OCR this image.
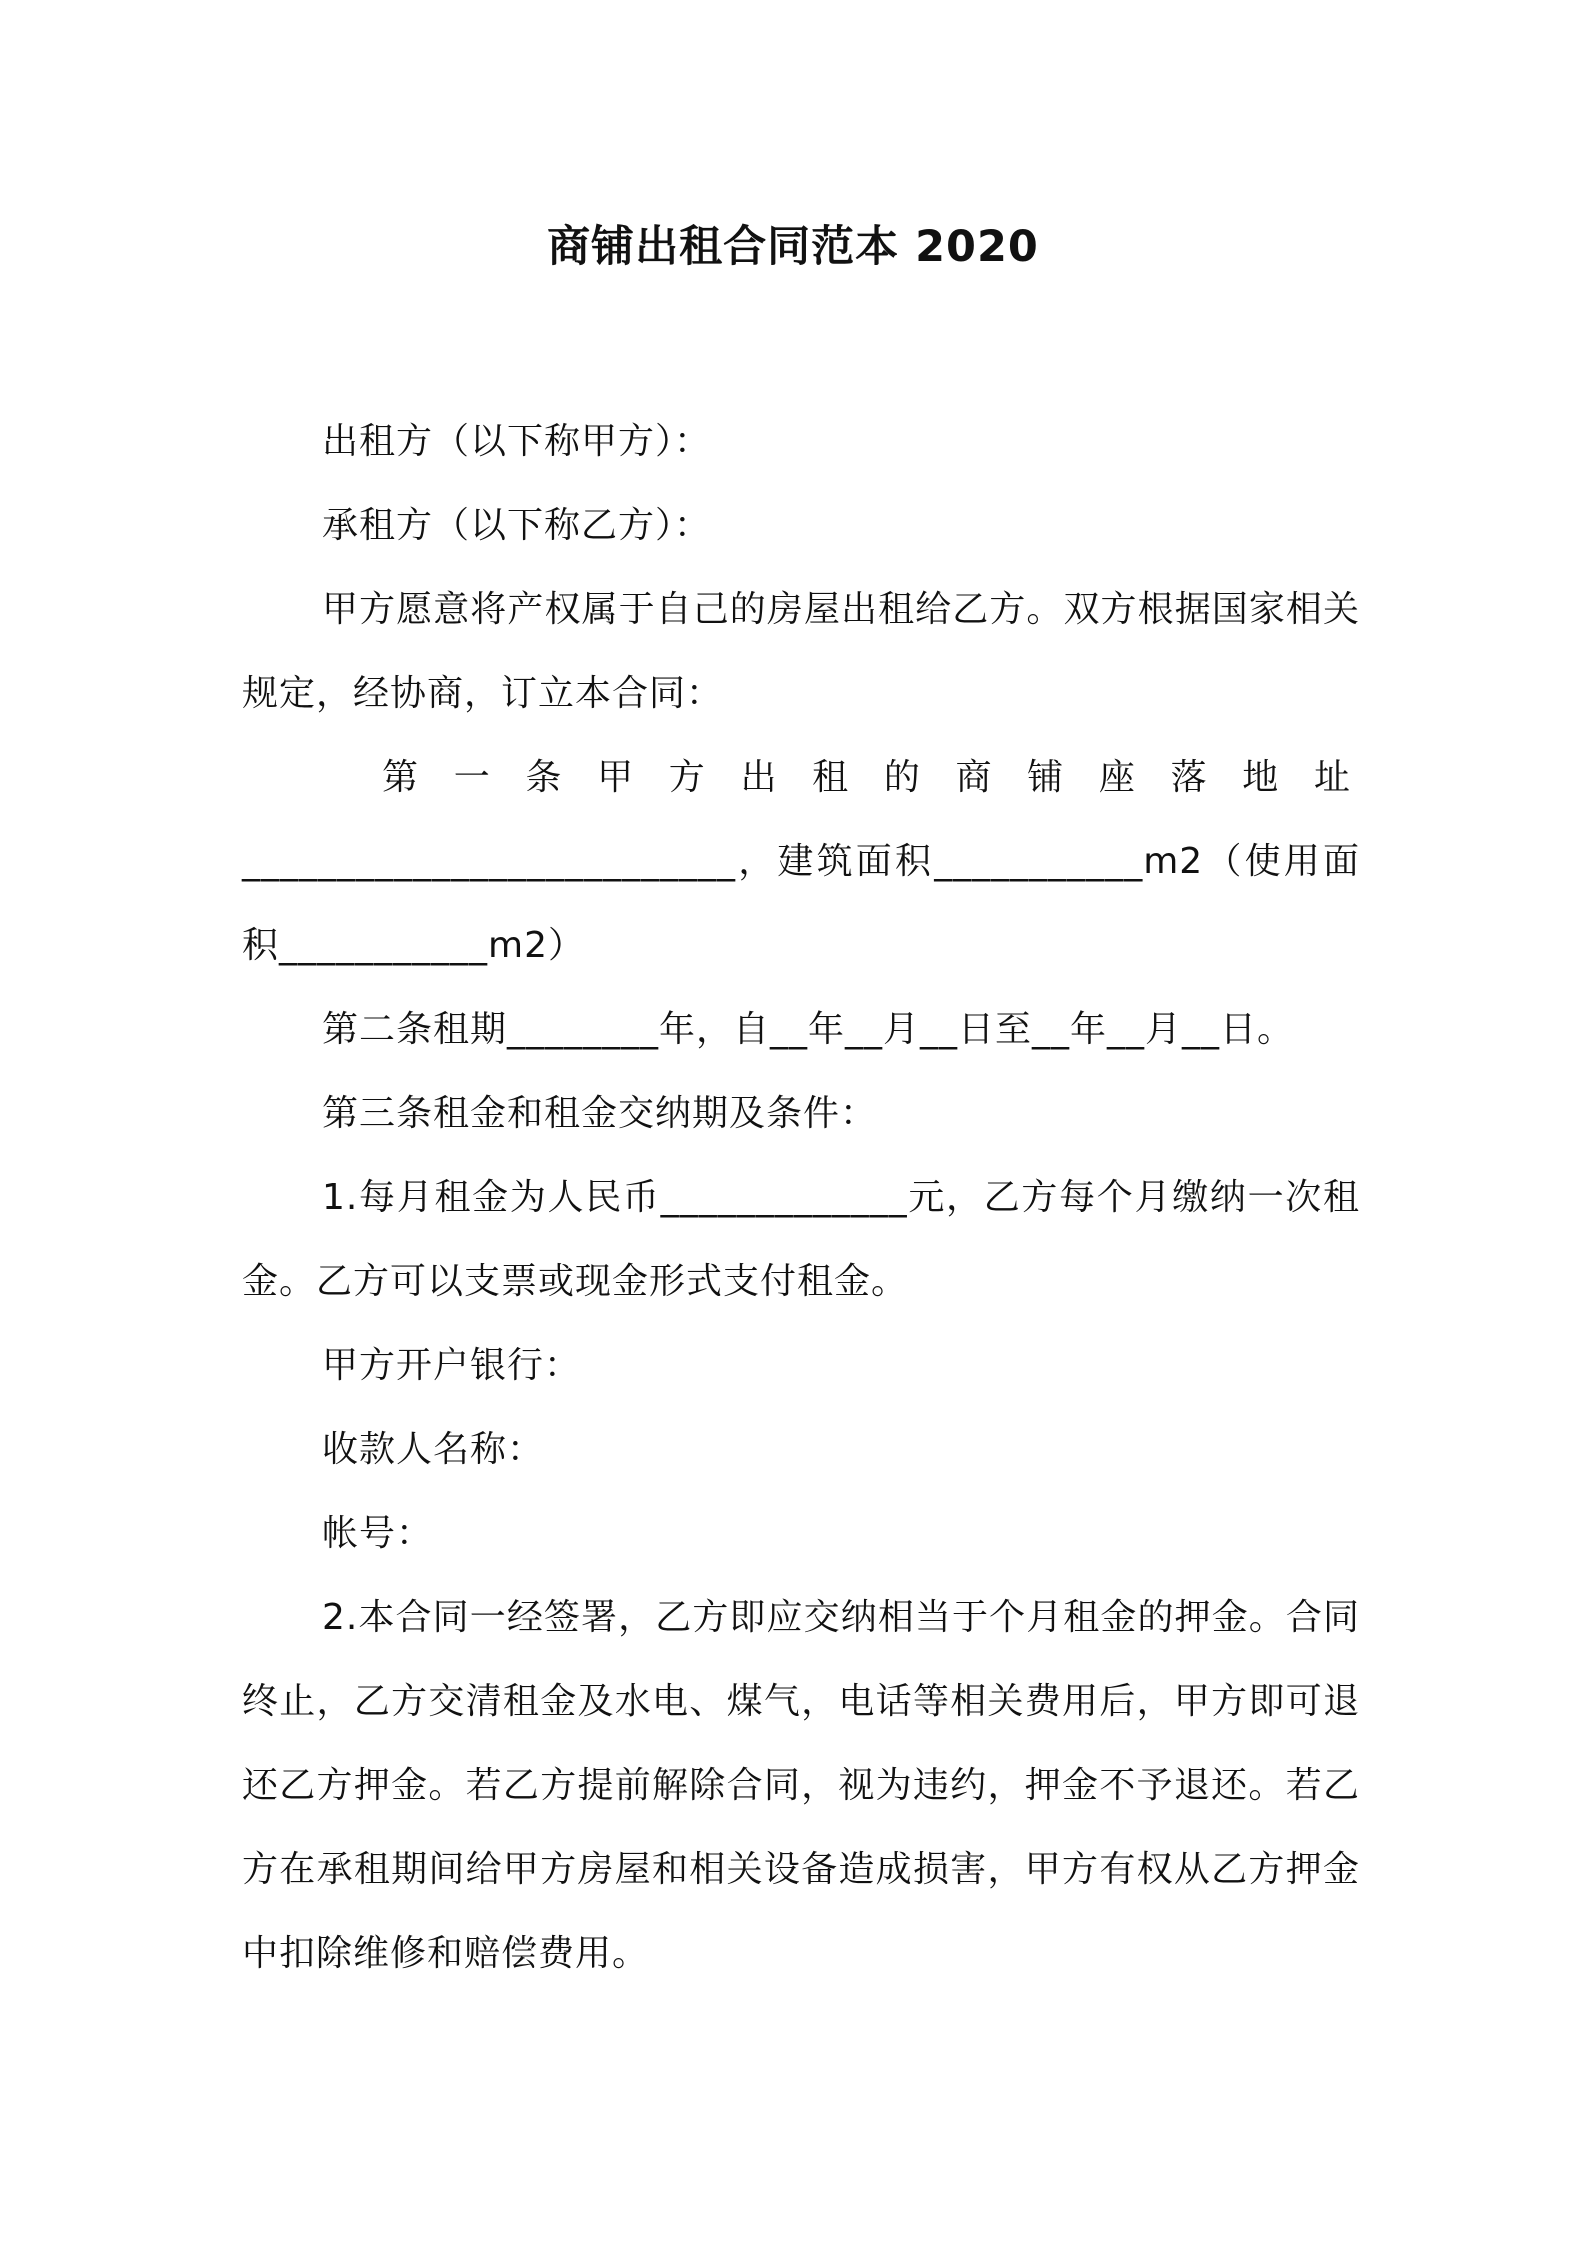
商铺出租合同范本 2020

出租方（以下称甲方）：

承租方（以下称乙方）：

甲方愿意将产权属于自己的房屋出租给乙方。双方根据国家相关规定，经协商，订立本合同：

第一条甲方出租的商铺座落地址

__________________________，建筑面积___________m2（使用面积___________m2）

第二条租期________年，自__年__月__日至__年__月__日。

第三条租金和租金交纳期及条件：

1.每月租金为人民币_____________元，乙方每个月缴纳一次租金。乙方可以支票或现金形式支付租金。

甲方开户银行：

收款人名称：

帐号：

2.本合同一经签署，乙方即应交纳相当于个月租金的押金。合同终止，乙方交清租金及水电、煤气，电话等相关费用后，甲方即可退还乙方押金。若乙方提前解除合同，视为违约，押金不予退还。若乙方在承租期间给甲方房屋和相关设备造成损害，甲方有权从乙方押金中扣除维修和赔偿费用。
